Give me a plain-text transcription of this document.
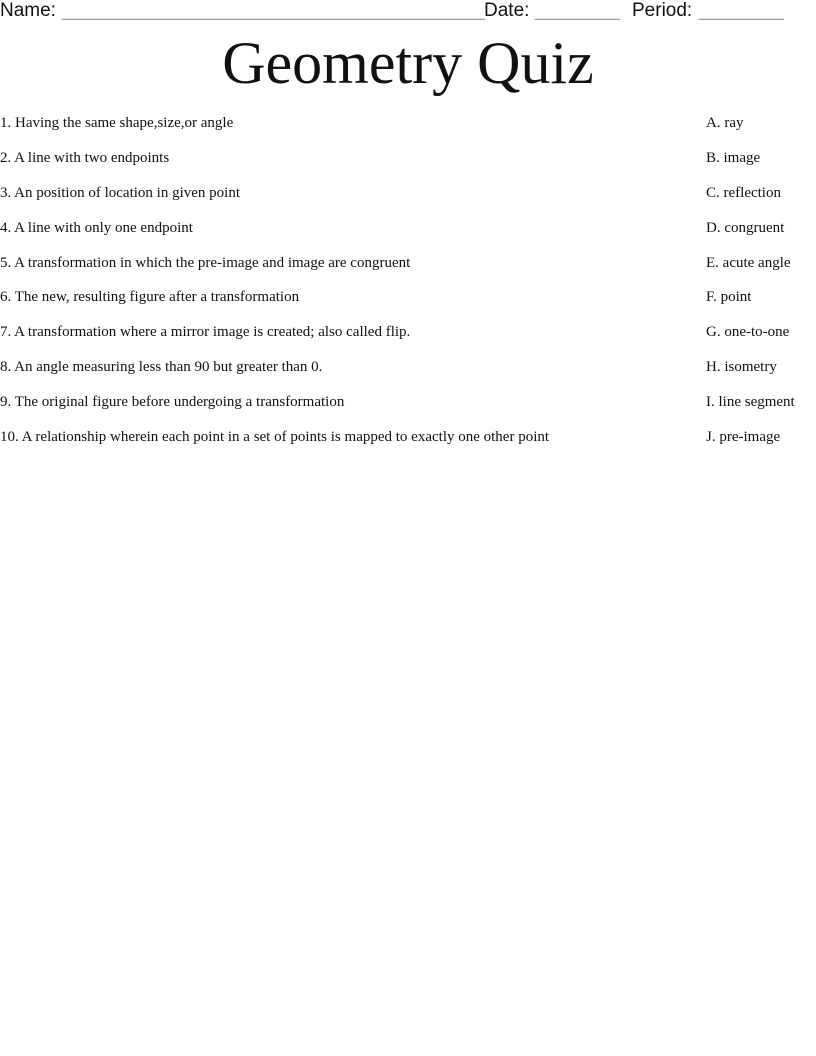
Name: ________________________________________ Date: ________ Period: ________
Geometry Quiz
1. Having the same shape,size,or angle	A. ray
2. A line with two endpoints	B. image
3. An position of location in given point	C. reflection
4. A line with only one endpoint	D. congruent
5. A transformation in which the pre-image and image are congruent	E. acute angle
6. The new, resulting figure after a transformation	F. point
7. A transformation where a mirror image is created; also called flip.	G. one-to-one
8. An angle measuring less than 90 but greater than 0.	H. isometry
9. The original figure before undergoing a transformation	I. line segment
10. A relationship wherein each point in a set of points is mapped to exactly one other point	J. pre-image
